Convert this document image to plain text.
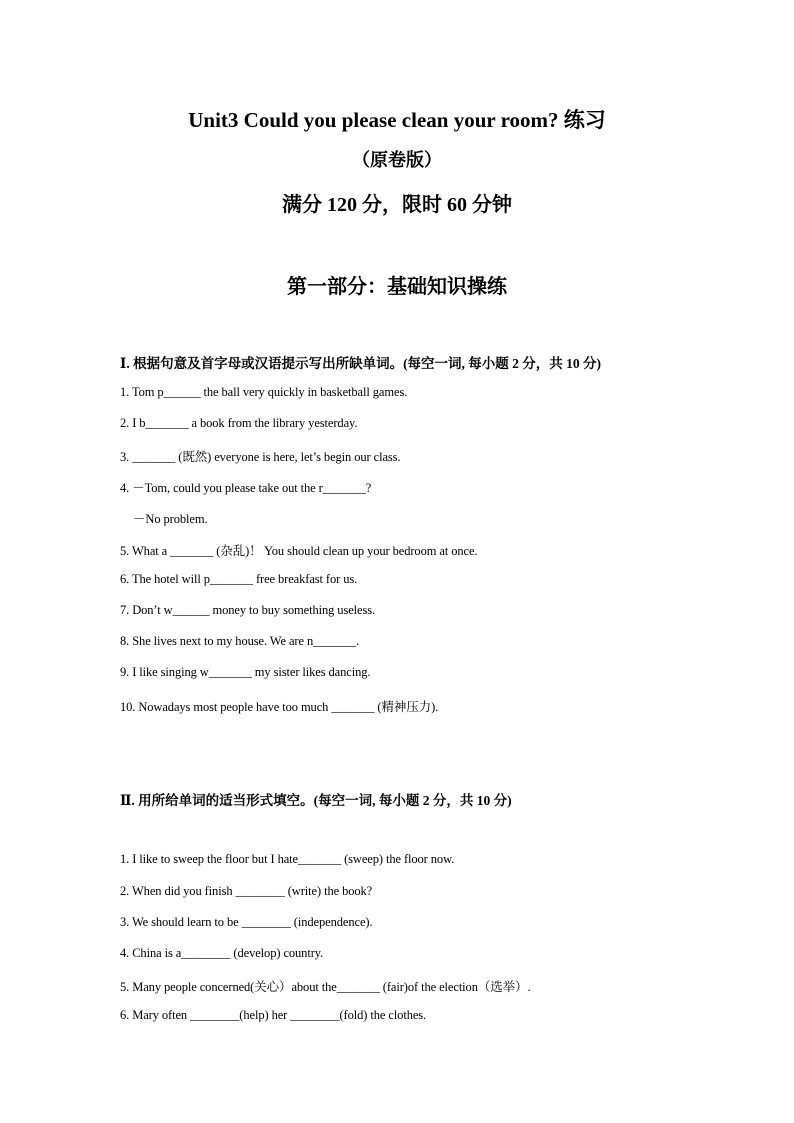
Unit3 Could you please clean your room? 练习
（原卷版）
满分 120 分，限时 60 分钟
第一部分：基础知识操练
Ⅰ. 根据句意及首字母或汉语提示写出所缺单词。(每空一词, 每小题 2 分，共 10 分)
1. Tom p______ the ball very quickly in basketball games.
2. I b_______ a book from the library yesterday.
3. _______ (既然) everyone is here, let’s begin our class.
4. －Tom, could you please take out the r_______?
－No problem.
5. What a _______ (杂乱)！ You should clean up your bedroom at once.
6. The hotel will p_______ free breakfast for us.
7. Don’t w______ money to buy something useless.
8. She lives next to my house. We are n_______.
9. I like singing w_______ my sister likes dancing.
10. Nowadays most people have too much _______ (精神压力).
Ⅱ. 用所给单词的适当形式填空。(每空一词, 每小题 2 分，共 10 分)
1. I like to sweep the floor but I hate_______ (sweep) the floor now.
2. When did you finish ________ (write) the book?
3. We should learn to be ________ (independence).
4. China is a________ (develop) country.
5. Many people concerned(关心）about the_______ (fair)of the election（选举）.
6. Mary often ________(help) her ________(fold) the clothes.
